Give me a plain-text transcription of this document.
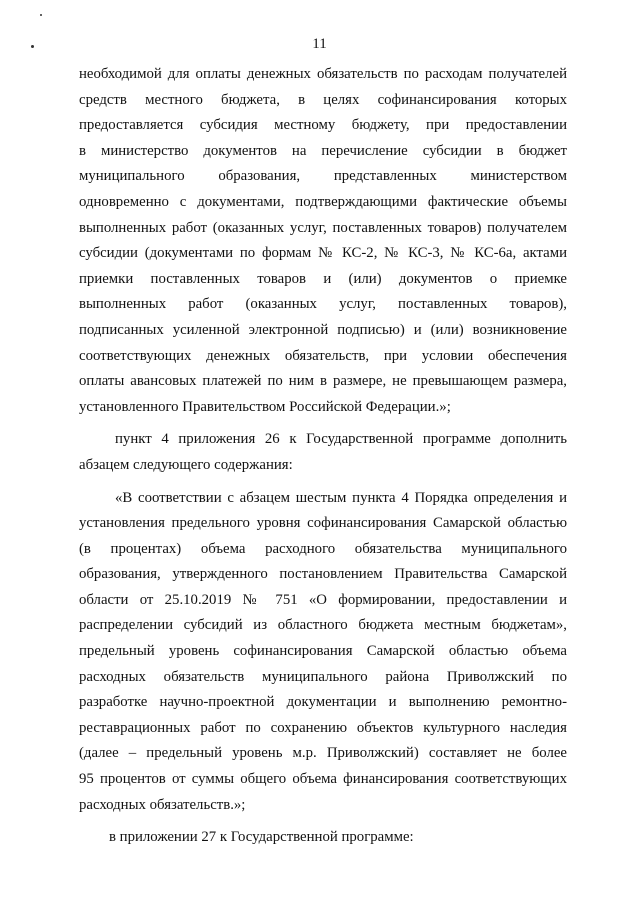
11

необходимой для оплаты денежных обязательств по расходам получателей
средств местного бюджета, в целях софинансирования которых
предоставляется субсидия местному бюджету, при предоставлении
в министерство документов на перечисление субсидии в бюджет
муниципального образования, представленных министерством
одновременно с документами, подтверждающими фактические объемы
выполненных работ (оказанных услуг, поставленных товаров) получателем
субсидии (документами по формам № КС-2, № КС-3, № КС-6а, актами
приемки поставленных товаров и (или) документов о приемке
выполненных работ (оказанных услуг, поставленных товаров),
подписанных усиленной электронной подписью) и (или) возникновение
соответствующих денежных обязательств, при условии обеспечения
оплаты авансовых платежей по ним в размере, не превышающем размера,
установленного Правительством Российской Федерации.»;

пункт 4 приложения 26 к Государственной программе дополнить
абзацем следующего содержания:

«В соответствии с абзацем шестым пункта 4 Порядка определения и
установления предельного уровня софинансирования Самарской областью
(в процентах) объема расходного обязательства муниципального
образования, утвержденного постановлением Правительства Самарской
области от 25.10.2019 № 751 «О формировании, предоставлении и
распределении субсидий из областного бюджета местным бюджетам»,
предельный уровень софинансирования Самарской областью объема
расходных обязательств муниципального района Приволжский по
разработке научно-проектной документации и выполнению ремонтно-
реставрационных работ по сохранению объектов культурного наследия
(далее – предельный уровень м.р. Приволжский) составляет не более
95 процентов от суммы общего объема финансирования соответствующих
расходных обязательств.»;

в приложении 27 к Государственной программе:
